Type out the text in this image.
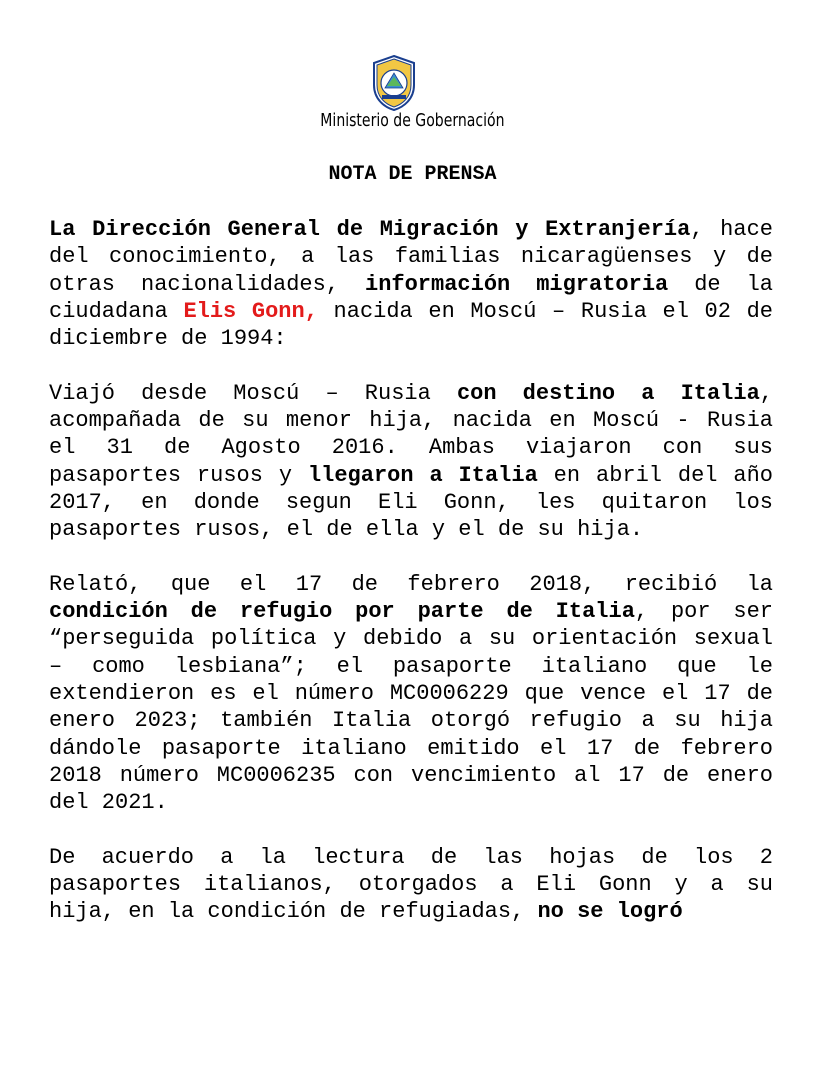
Ministerio de Gobernación
NOTA DE PRENSA

La Dirección General de Migración y Extranjería, hace del conocimiento, a las familias nicaragüenses y de otras nacionalidades, información migratoria de la ciudadana Elis Gonn, nacida en Moscú – Rusia el 02 de diciembre de 1994:

Viajó desde Moscú – Rusia con destino a Italia, acompañada de su menor hija, nacida en Moscú - Rusia el 31 de Agosto 2016. Ambas viajaron con sus pasaportes rusos y llegaron a Italia en abril del año 2017, en donde segun Eli Gonn, les quitaron los pasaportes rusos, el de ella y el de su hija.

Relató, que el 17 de febrero 2018, recibió la condición de refugio por parte de Italia, por ser “perseguida política y debido a su orientación sexual – como lesbiana”; el pasaporte italiano que le extendieron es el número MC0006229 que vence el 17 de enero 2023; también Italia otorgó refugio a su hija dándole pasaporte italiano emitido el 17 de febrero 2018 número MC0006235 con vencimiento al 17 de enero del 2021.

De acuerdo a la lectura de las hojas de los 2 pasaportes italianos, otorgados a Eli Gonn y a su hija, en la condición de refugiadas, no se logró
